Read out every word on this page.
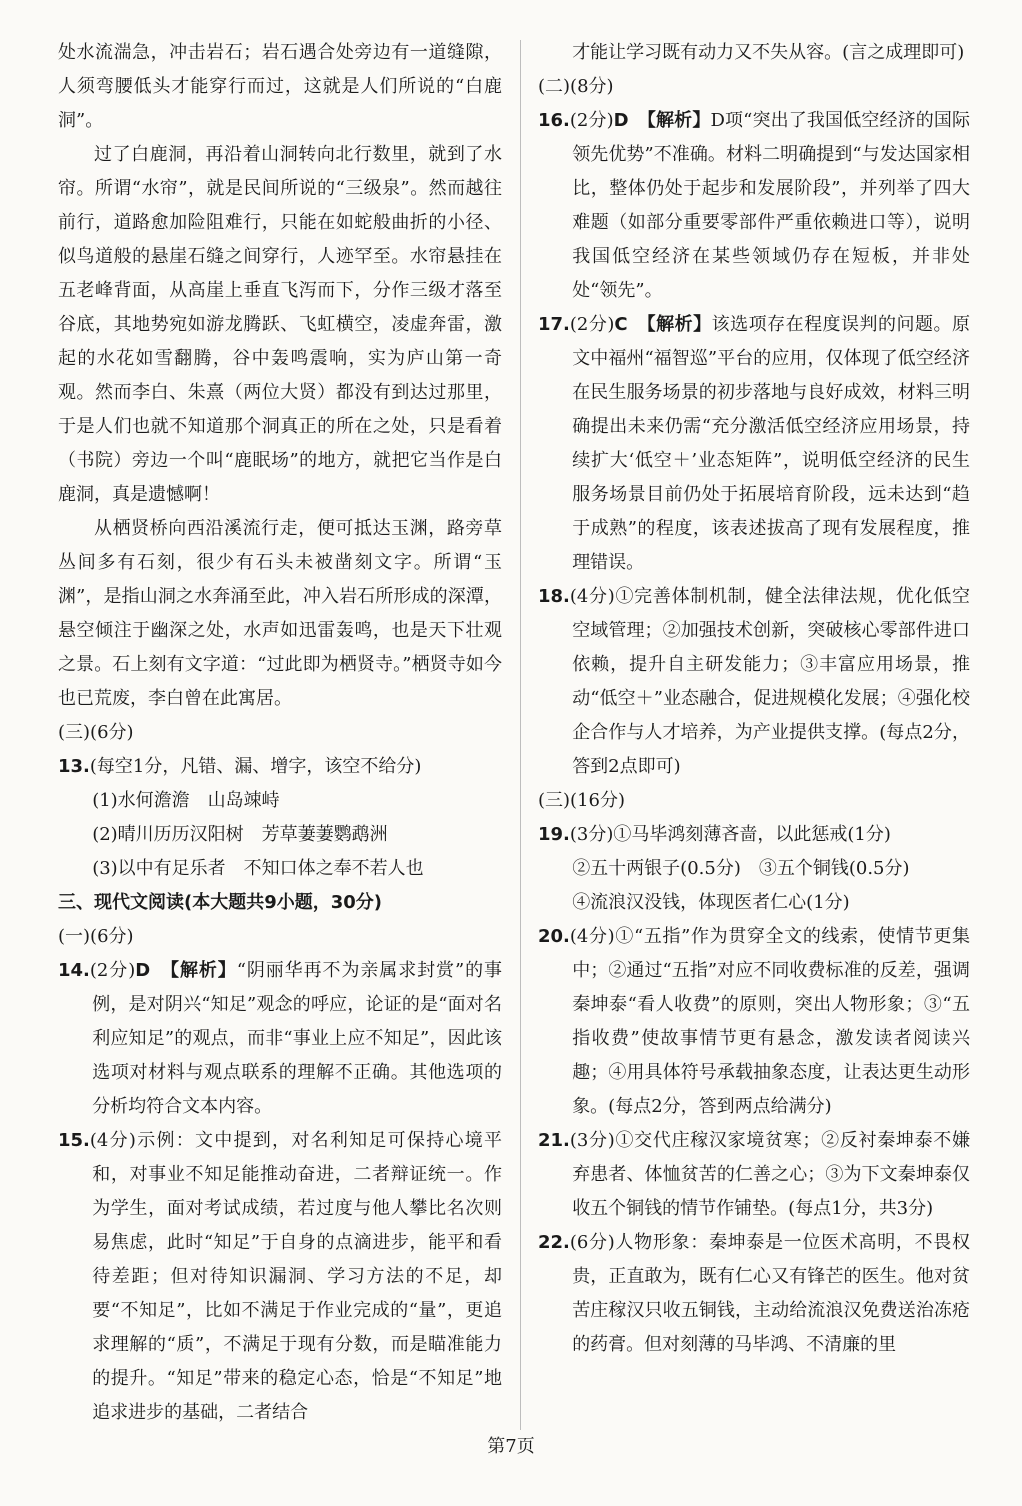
处水流湍急，冲击岩石；岩石遇合处旁边有一道缝隙，人须弯腰低头才能穿行而过，这就是人们所说的“白鹿洞”。

过了白鹿洞，再沿着山洞转向北行数里，就到了水帘。所谓“水帘”，就是民间所说的“三级泉”。然而越往前行，道路愈加险阻难行，只能在如蛇般曲折的小径、似鸟道般的悬崖石缝之间穿行，人迹罕至。水帘悬挂在五老峰背面，从高崖上垂直飞泻而下，分作三级才落至谷底，其地势宛如游龙腾跃、飞虹横空，凌虚奔雷，激起的水花如雪翻腾，谷中轰鸣震响，实为庐山第一奇观。然而李白、朱熹（两位大贤）都没有到达过那里，于是人们也就不知道那个洞真正的所在之处，只是看着（书院）旁边一个叫“鹿眠场”的地方，就把它当作是白鹿洞，真是遗憾啊！

从栖贤桥向西沿溪流行走，便可抵达玉渊，路旁草丛间多有石刻，很少有石头未被凿刻文字。所谓“玉渊”，是指山洞之水奔涌至此，冲入岩石所形成的深潭，悬空倾注于幽深之处，水声如迅雷轰鸣，也是天下壮观之景。石上刻有文字道：“过此即为栖贤寺。”栖贤寺如今也已荒废，李白曾在此寓居。

(三)(6分)

13.(每空1分，凡错、漏、增字，该空不给分)

(1)水何澹澹　山岛竦峙

(2)晴川历历汉阳树　芳草萋萋鹦鹉洲

(3)以中有足乐者　不知口体之奉不若人也

三、现代文阅读(本大题共9小题，30分)

(一)(6分)

14.(2分)D　 【解析】“阴丽华再不为亲属求封赏”的事例，是对阴兴“知足”观念的呼应，论证的是“面对名利应知足”的观点，而非“事业上应不知足”，因此该选项对材料与观点联系的理解不正确。其他选项的分析均符合文本内容。

15.(4分)示例：文中提到，对名利知足可保持心境平和，对事业不知足能推动奋进，二者辩证统一。作为学生，面对考试成绩，若过度与他人攀比名次则易焦虑，此时“知足”于自身的点滴进步，能平和看待差距；但对待知识漏洞、学习方法的不足，却要“不知足”，比如不满足于作业完成的“量”，更追求理解的“质”，不满足于现有分数，而是瞄准能力的提升。“知足”带来的稳定心态，恰是“不知足”地追求进步的基础，二者结合

才能让学习既有动力又不失从容。(言之成理即可)

(二)(8分)

16.(2分)D　 【解析】D项“突出了我国低空经济的国际领先优势”不准确。材料二明确提到“与发达国家相比，整体仍处于起步和发展阶段”，并列举了四大难题（如部分重要零部件严重依赖进口等），说明我国低空经济在某些领域仍存在短板，并非处处“领先”。

17.(2分)C　 【解析】该选项存在程度误判的问题。原文中福州“福智巡”平台的应用，仅体现了低空经济在民生服务场景的初步落地与良好成效，材料三明确提出未来仍需“充分激活低空经济应用场景，持续扩大‘低空＋’业态矩阵”，说明低空经济的民生服务场景目前仍处于拓展培育阶段，远未达到“趋于成熟”的程度，该表述拔高了现有发展程度，推理错误。

18.(4分)①完善体制机制，健全法律法规，优化低空空域管理；②加强技术创新，突破核心零部件进口依赖，提升自主研发能力；③丰富应用场景，推动“低空＋”业态融合，促进规模化发展；④强化校企合作与人才培养，为产业提供支撑。(每点2分，答到2点即可)

(三)(16分)

19.(3分)①马毕鸿刻薄吝啬，以此惩戒(1分)

②五十两银子(0.5分)　③五个铜钱(0.5分)

④流浪汉没钱，体现医者仁心(1分)

20.(4分)①“五指”作为贯穿全文的线索，使情节更集中；②通过“五指”对应不同收费标准的反差，强调秦坤泰“看人收费”的原则，突出人物形象；③“五指收费”使故事情节更有悬念，激发读者阅读兴趣；④用具体符号承载抽象态度，让表达更生动形象。(每点2分，答到两点给满分)

21.(3分)①交代庄稼汉家境贫寒；②反衬秦坤泰不嫌弃患者、体恤贫苦的仁善之心；③为下文秦坤泰仅收五个铜钱的情节作铺垫。(每点1分，共3分)

22.(6分)人物形象：秦坤泰是一位医术高明，不畏权贵，正直敢为，既有仁心又有锋芒的医生。他对贫苦庄稼汉只收五铜钱，主动给流浪汉免费送治冻疮的药膏。但对刻薄的马毕鸿、不清廉的里

第7页
